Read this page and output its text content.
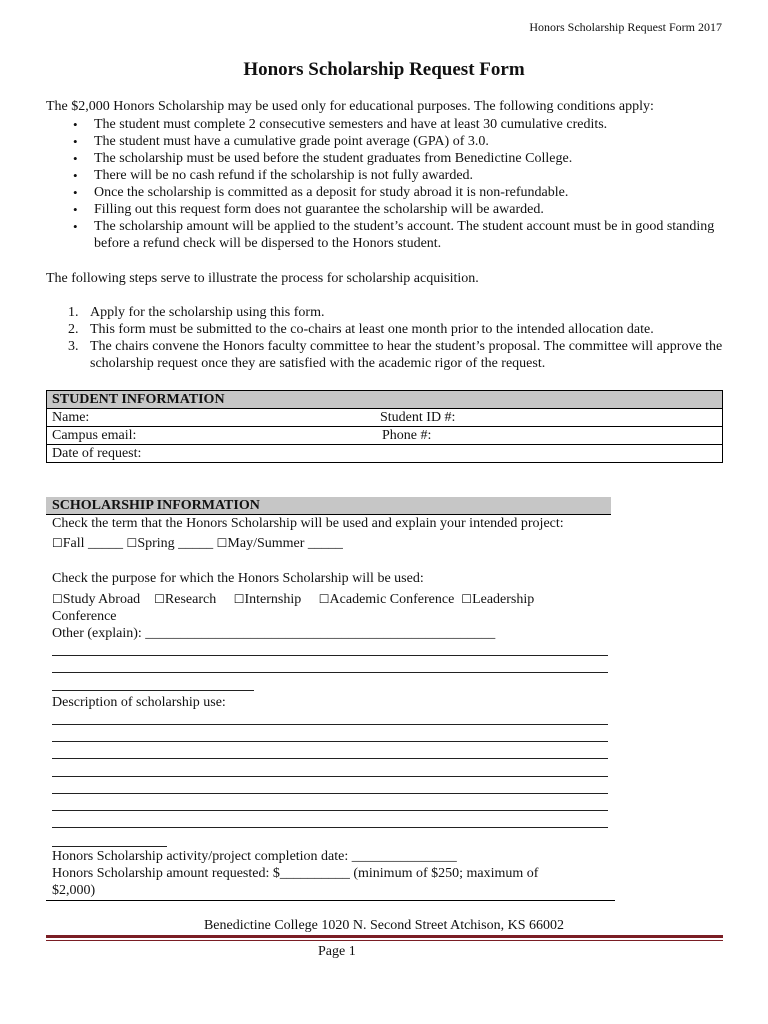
Honors Scholarship Request Form 2017
Honors Scholarship Request Form
The $2,000 Honors Scholarship may be used only for educational purposes. The following conditions apply:
• The student must complete 2 consecutive semesters and have at least 30 cumulative credits.
• The student must have a cumulative grade point average (GPA) of 3.0.
• The scholarship must be used before the student graduates from Benedictine College.
• There will be no cash refund if the scholarship is not fully awarded.
• Once the scholarship is committed as a deposit for study abroad it is non-refundable.
• Filling out this request form does not guarantee the scholarship will be awarded.
• The scholarship amount will be applied to the student’s account. The student account must be in good standing before a refund check will be dispersed to the Honors student.
The following steps serve to illustrate the process for scholarship acquisition.
1. Apply for the scholarship using this form.
2. This form must be submitted to the co-chairs at least one month prior to the intended allocation date.
3. The chairs convene the Honors faculty committee to hear the student’s proposal. The committee will approve the scholarship request once they are satisfied with the academic rigor of the request.
STUDENT INFORMATION
Name:	Student ID #:

Campus email:	Phone #:

Date of request:
SCHOLARSHIP INFORMATION
Check the term that the Honors Scholarship will be used and explain your intended project:
☐Fall _____ ☐Spring _____ ☐May/Summer _____
Check the purpose for which the Honors Scholarship will be used:
☐Study Abroad ☐Research ☐Internship ☐Academic Conference ☐Leadership
Conference
Other (explain): __________________________________________________
Description of scholarship use:
Honors Scholarship activity/project completion date: _______________
Honors Scholarship amount requested: $__________ (minimum of $250; maximum of
$2,000)
Benedictine College 1020 N. Second Street Atchison, KS 66002
Page 1
